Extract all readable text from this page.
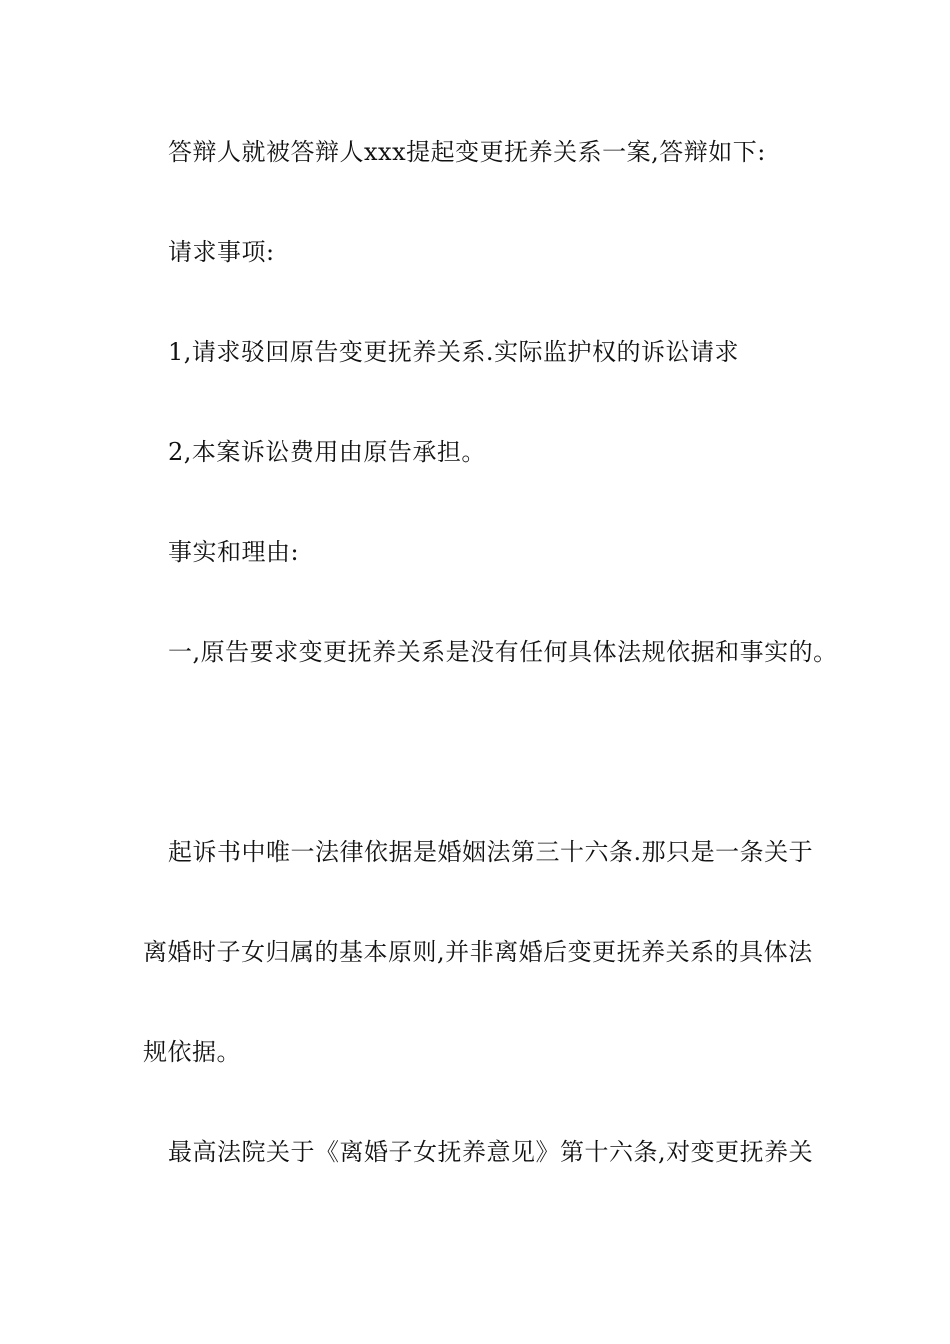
答辩人就被答辩人xxx提起变更抚养关系一案,答辩如下:
请求事项:
1,请求驳回原告变更抚养关系.实际监护权的诉讼请求
2,本案诉讼费用由原告承担。
事实和理由:
一,原告要求变更抚养关系是没有任何具体法规依据和事实的。
起诉书中唯一法律依据是婚姻法第三十六条.那只是一条关于
离婚时子女归属的基本原则,并非离婚后变更抚养关系的具体法
规依据。
最高法院关于《离婚子女抚养意见》第十六条,对变更抚养关
